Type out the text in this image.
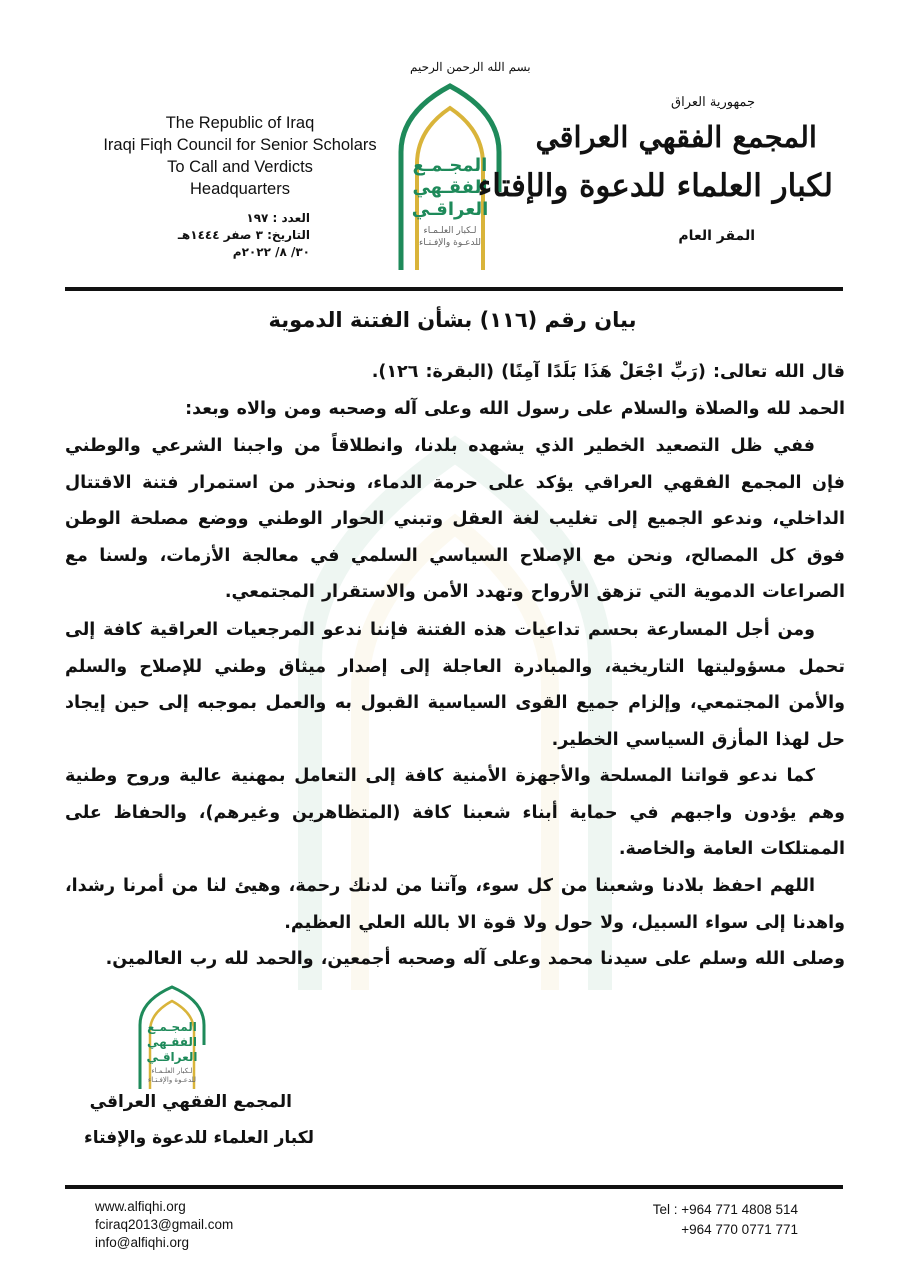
The Republic of Iraq
Iraqi Fiqh Council for Senior Scholars
To Call and Verdicts
Headquarters
العدد : ١٩٧
التاريخ: ٣ صفر ١٤٤٤هـ
٣٠/ ٨/ ٢٠٢٢م
بسم الله الرحمن الرحيم
المجـمـع
الفقـهي
العراقـي
لـكبار العلـمـاء
للدعـوة والإفـتـاء
جمهورية العراق
المجمع الفقهي العراقي
لكبار العلماء للدعوة والإفتاء
المقر العام
بيان رقم (١١٦) بشأن الفتنة الدموية
قال الله تعالى: (رَبِّ اجْعَلْ هَذَا بَلَدًا آمِنًا) (البقرة: ١٢٦).
الحمد لله والصلاة والسلام على رسول الله وعلى آله وصحبه ومن والاه وبعد:
ففي ظل التصعيد الخطير الذي يشهده بلدنا، وانطلاقاً من واجبنا الشرعي والوطني فإن المجمع الفقهي العراقي يؤكد على حرمة الدماء، ونحذر من استمرار فتنة الاقتتال الداخلي، وندعو الجميع إلى تغليب لغة العقل وتبني الحوار الوطني ووضع مصلحة الوطن فوق كل المصالح، ونحن مع الإصلاح السياسي السلمي في معالجة الأزمات، ولسنا مع الصراعات الدموية التي تزهق الأرواح وتهدد الأمن والاستقرار المجتمعي.
ومن أجل المسارعة بحسم تداعيات هذه الفتنة فإننا ندعو المرجعيات العراقية كافة إلى تحمل مسؤوليتها التاريخية، والمبادرة العاجلة إلى إصدار ميثاق وطني للإصلاح والسلم والأمن المجتمعي، وإلزام جميع القوى السياسية القبول به والعمل بموجبه إلى حين إيجاد حل لهذا المأزق السياسي الخطير.
كما ندعو قواتنا المسلحة والأجهزة الأمنية كافة إلى التعامل بمهنية عالية وروح وطنية وهم يؤدون واجبهم في حماية أبناء شعبنا كافة (المتظاهرين وغيرهم)، والحفاظ على الممتلكات العامة والخاصة.
اللهم احفظ بلادنا وشعبنا من كل سوء، وآتنا من لدنك رحمة، وهيئ لنا من أمرنا رشدا، واهدنا إلى سواء السبيل، ولا حول ولا قوة الا بالله العلي العظيم.
وصلى الله وسلم على سيدنا محمد وعلى آله وصحبه أجمعين، والحمد لله رب العالمين.
المجـمـع
الفقـهي
العراقـي
لـكبار العلـمـاء
للدعـوة والإفـتـاء
المجمع الفقهي العراقي
لكبار العلماء للدعوة والإفتاء
www.alfiqhi.org
fciraq2013@gmail.com
info@alfiqhi.org
Tel : +964 771 4808 514
+964 770 0771 771
